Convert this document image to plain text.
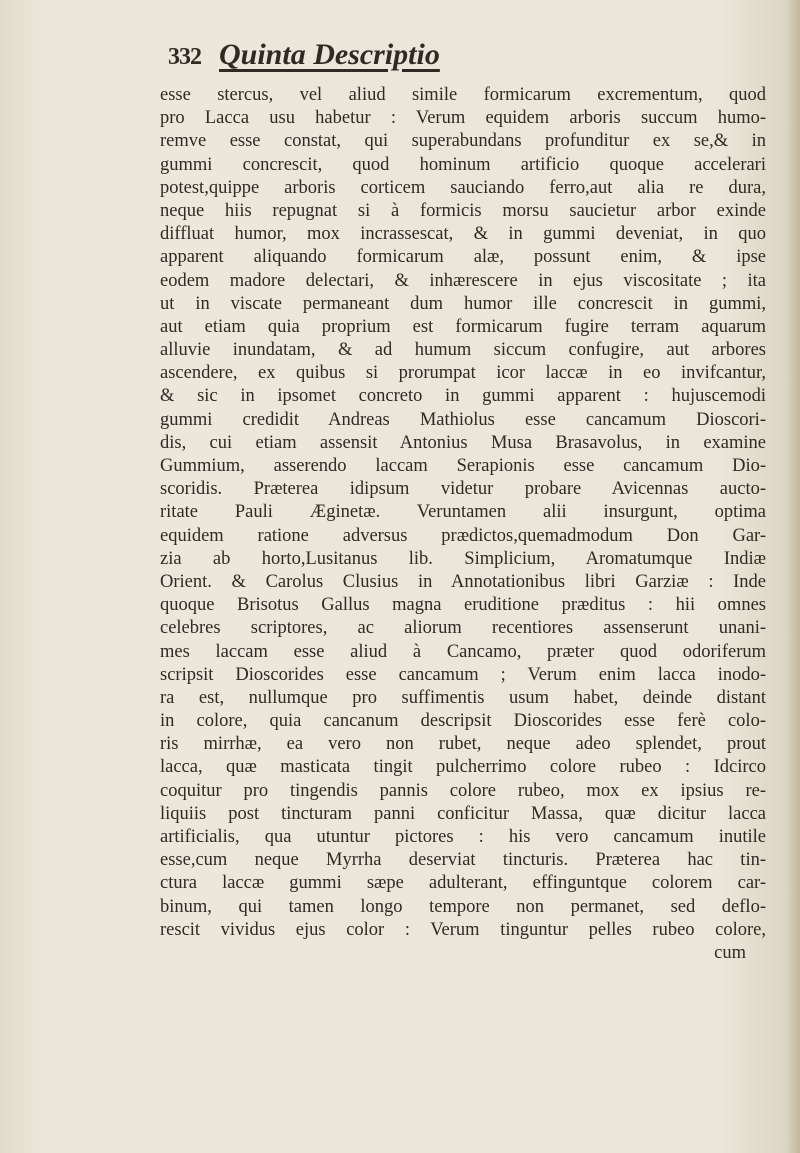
332 Quinta Descriptio
esse stercus, vel aliud simile formicarum excrementum, quod
pro Lacca usu habetur : Verum equidem arboris succum humo-
remve esse constat, qui superabundans profunditur ex se,& in
gummi concrescit, quod hominum artificio quoque accelerari
potest,quippe arboris corticem sauciando ferro,aut alia re dura,
neque hiis repugnat si à formicis morsu saucietur arbor exinde
diffluat humor, mox incrassescat, & in gummi deveniat, in quo
apparent aliquando formicarum alæ, possunt enim, & ipse
eodem madore delectari, & inhærescere in ejus viscositate ; ita
ut in viscate permaneant dum humor ille concrescit in gummi,
aut etiam quia proprium est formicarum fugire terram aquarum
alluvie inundatam, & ad humum siccum confugire, aut arbores
ascendere, ex quibus si prorumpat icor laccæ in eo invifcantur,
& sic in ipsomet concreto in gummi apparent : hujuscemodi
gummi credidit Andreas Mathiolus esse cancamum Dioscori-
dis, cui etiam assensit Antonius Musa Brasavolus, in examine
Gummium, asserendo laccam Serapionis esse cancamum Dio-
scoridis. Præterea idipsum videtur probare Avicennas aucto-
ritate Pauli Æginetæ. Veruntamen alii insurgunt, optima
equidem ratione adversus prædictos,quemadmodum Don Gar-
zia ab horto,Lusitanus lib. Simplicium, Aromatumque Indiæ
Orient. & Carolus Clusius in Annotationibus libri Garziæ : Inde
quoque Brisotus Gallus magna eruditione præditus : hii omnes
celebres scriptores, ac aliorum recentiores assenserunt unani-
mes laccam esse aliud à Cancamo, præter quod odoriferum
scripsit Dioscorides esse cancamum ; Verum enim lacca inodo-
ra est, nullumque pro suffimentis usum habet, deinde distant
in colore, quia cancanum descripsit Dioscorides esse ferè colo-
ris mirrhæ, ea vero non rubet, neque adeo splendet, prout
lacca, quæ masticata tingit pulcherrimo colore rubeo : Idcirco
coquitur pro tingendis pannis colore rubeo, mox ex ipsius re-
liquiis post tincturam panni conficitur Massa, quæ dicitur lacca
artificialis, qua utuntur pictores : his vero cancamum inutile
esse,cum neque Myrrha deserviat tincturis. Præterea hac tin-
ctura laccæ gummi sæpe adulterant, effinguntque colorem car-
binum, qui tamen longo tempore non permanet, sed deflo-
rescit vividus ejus color : Verum tinguntur pelles rubeo colore,
cum
